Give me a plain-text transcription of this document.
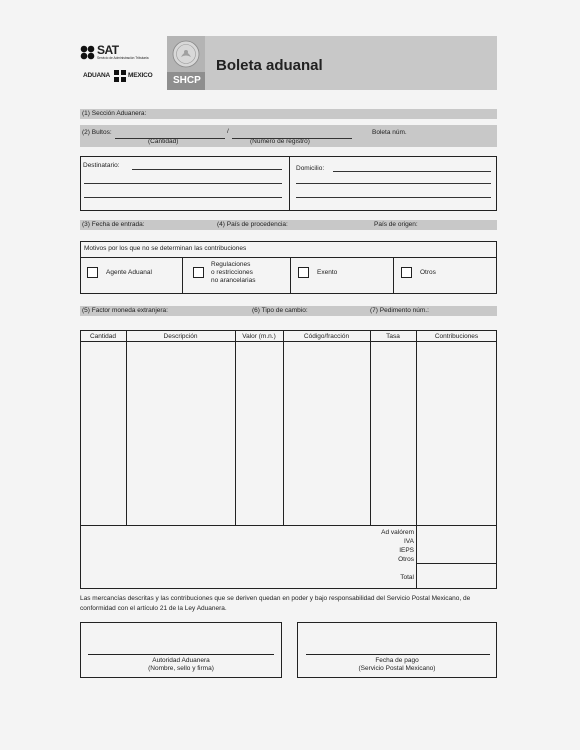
SAT
Servicio de Administración Tributaria
ADUANA	MEXICO SHCP
Boleta aduanal
(1) Sección Aduanera:
(2) Bultos:	/
(Cantidad)	(Número de registro)
Boleta núm.
Destinatario:	Domicilio:
(3) Fecha de entrada:	(4) País de procedencia:	País de origen:
Motivos por los que no se determinan las contribuciones
Agente Aduanal
Regulaciones
o restricciones
no arancelarias
Exento	Otros
(5) Factor moneda extranjera:	(6) Tipo de cambio:	(7) Pedimento núm.:
Cantidad	Descripción	Valor (m.n.)	Código/fracción	Tasa	Contribuciones
Ad valórem
IVA
IEPS
Otros
Total

Las mercancías descritas y las contribuciones que se deriven quedan en poder y bajo responsabilidad del Servicio Postal Mexicano, de conformidad con el artículo 21 de la Ley Aduanera.

Autoridad Aduanera
(Nombre, sello y firma)
Fecha de pago
(Servicio Postal Mexicano)
